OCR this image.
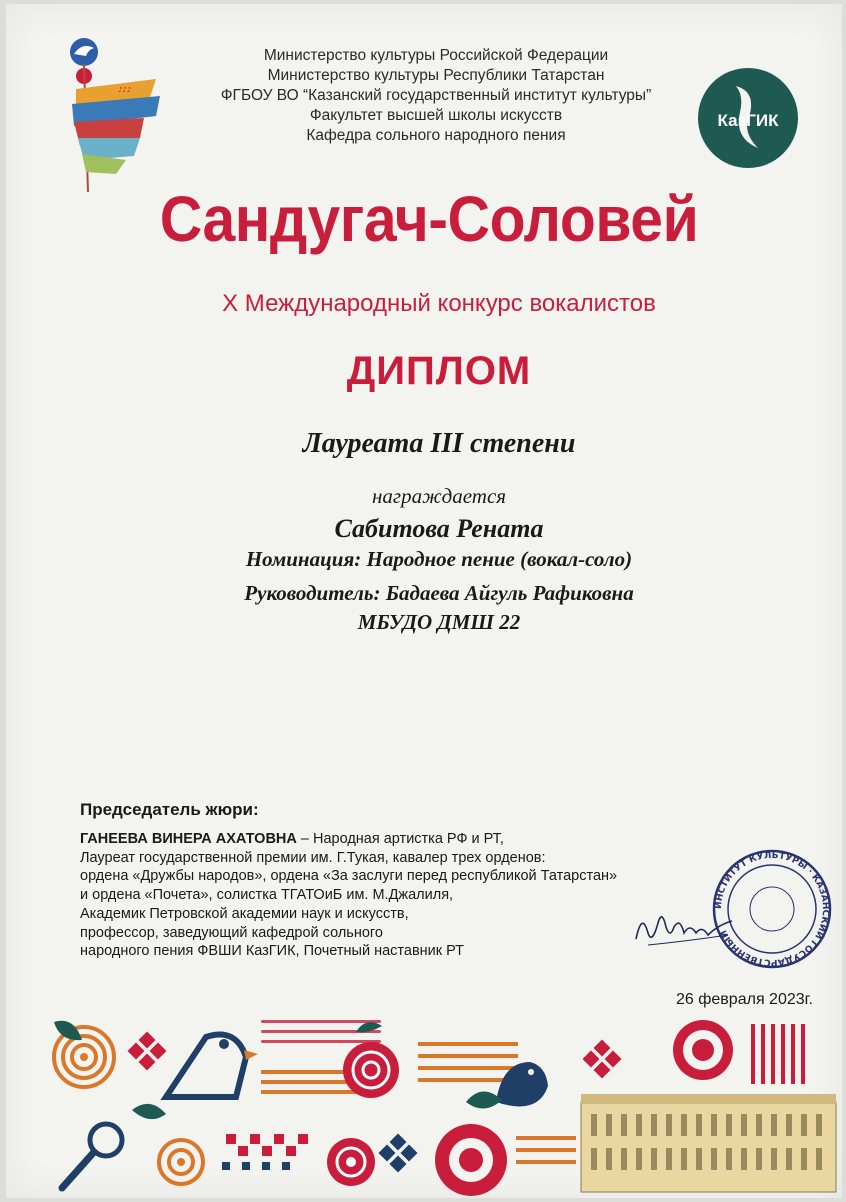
♪♪♪
Министерство культуры Российской Федерации
Министерство культуры Республики Татарстан
ФГБОУ ВО “Казанский государственный институт культуры”
Факультет высшей школы искусств
Кафедра сольного народного пения
КазГИК
Сандугач-Соловей
X Международный конкурс вокалистов
ДИПЛОМ
Лауреата III степени
награждается
Сабитова Рената
Номинация: Народное пение (вокал-соло)
Руководитель: Бадаева Айгуль Рафиковна
МБУДО ДМШ 22
Председатель жюри:
ГАНЕЕВА ВИНЕРА АХАТОВНА – Народная артистка РФ и РТ,
Лауреат государственной премии им. Г.Тукая, кавалер трех орденов:
ордена «Дружбы народов», ордена «За заслуги перед республикой Татарстан»
и ордена «Почета», солистка ТГАТОиБ им. М.Джалиля,
Академик Петровской академии наук и искусств,
профессор, заведующий кафедрой сольного
народного пения ФВШИ КазГИК, Почетный наставник РТ
ИНСТИТУТ КУЛЬТУРЫ · КАЗАНСКИЙ ГОСУДАРСТВЕННЫЙ
26 февраля 2023г.
